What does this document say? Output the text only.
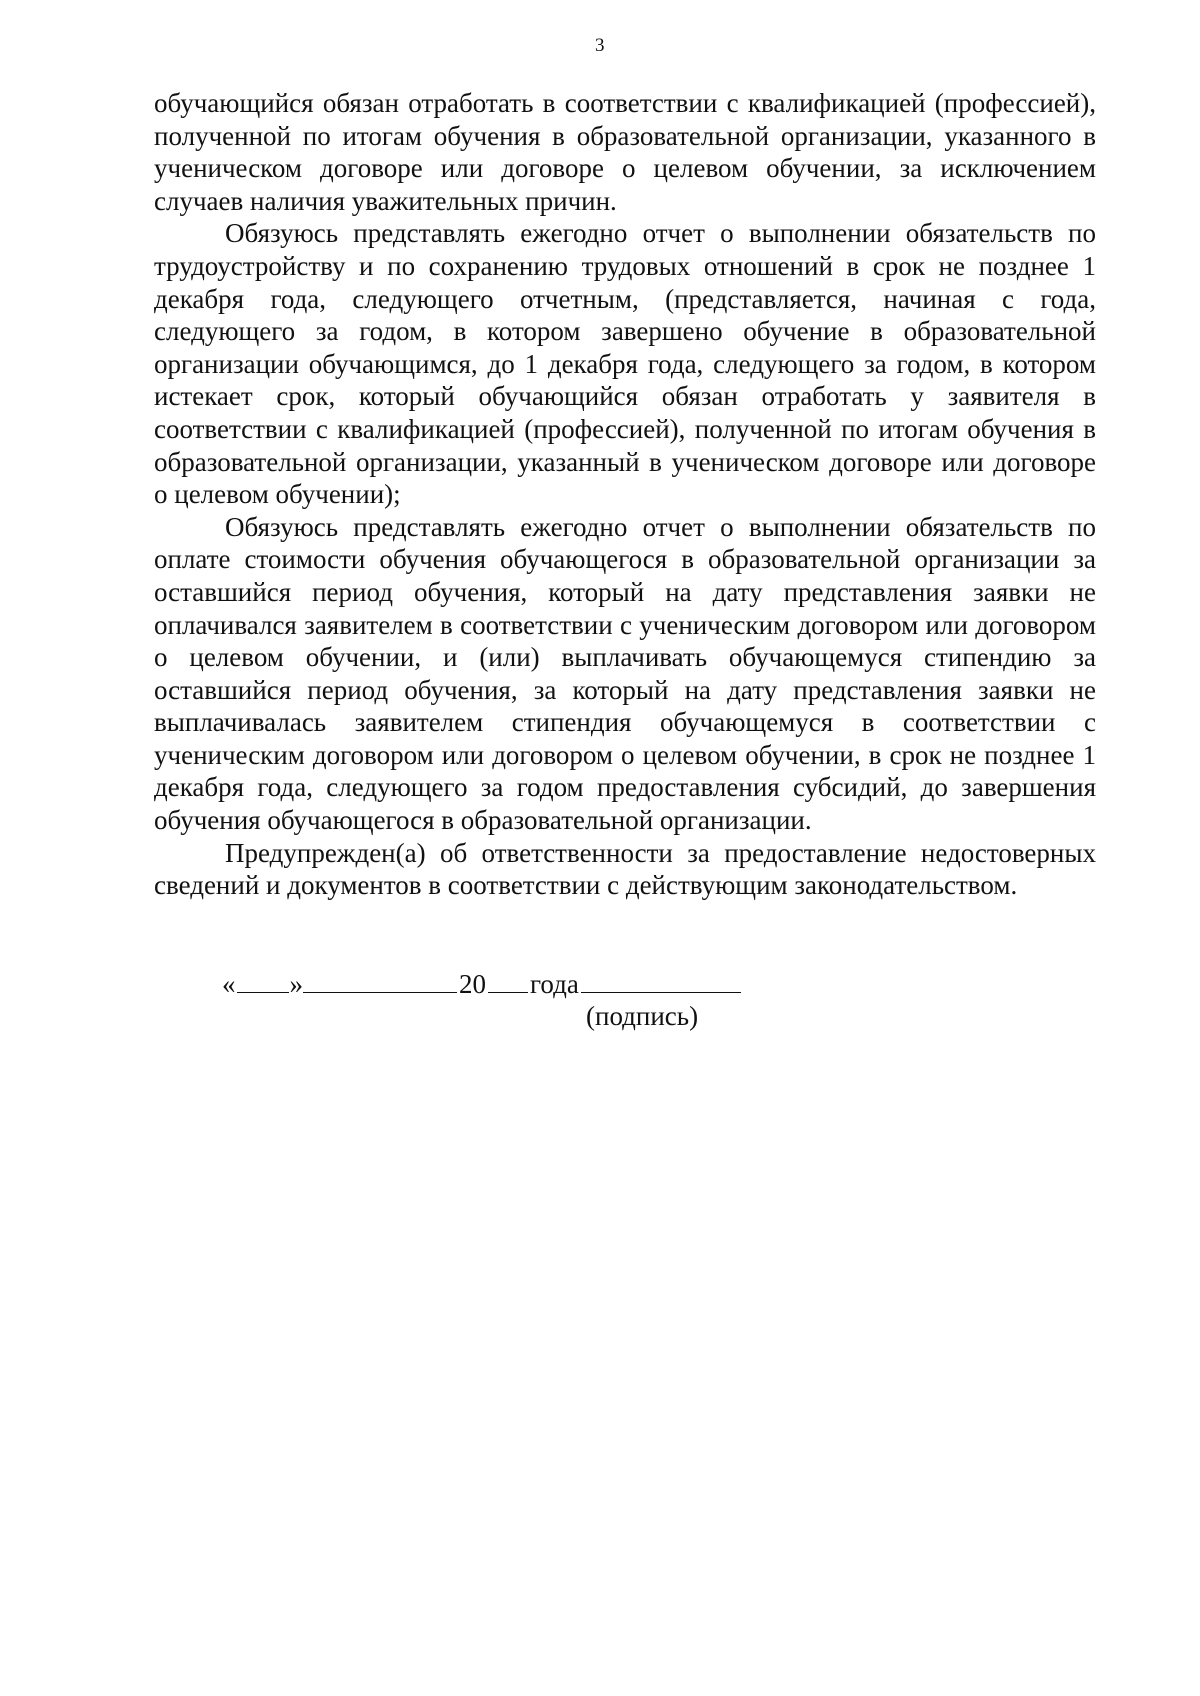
3

обучающийся обязан отработать в соответствии с квалификацией (профессией), полученной по итогам обучения в образовательной организации, указанного в ученическом договоре или договоре о целевом обучении, за исключением случаев наличия уважительных причин.

Обязуюсь представлять ежегодно отчет о выполнении обязательств по трудоустройству и по сохранению трудовых отношений в срок не позднее 1 декабря года, следующего отчетным, (представляется, начиная с года, следующего за годом, в котором завершено обучение в образовательной организации обучающимся, до 1 декабря года, следующего за годом, в котором истекает срок, который обучающийся обязан отработать у заявителя в соответствии с квалификацией (профессией), полученной по итогам обучения в образовательной организации, указанный в ученическом договоре или договоре о целевом обучении);

Обязуюсь представлять ежегодно отчет о выполнении обязательств по оплате стоимости обучения обучающегося в образовательной организации за оставшийся период обучения, который на дату представления заявки не оплачивался заявителем в соответствии с ученическим договором или договором о целевом обучении, и (или) выплачивать обучающемуся стипендию за оставшийся период обучения, за который на дату представления заявки не выплачивалась заявителем стипендия обучающемуся в соответствии с ученическим договором или договором о целевом обучении, в срок не позднее 1 декабря года, следующего за годом предоставления субсидий, до завершения обучения обучающегося в образовательной организации.

Предупрежден(а) об ответственности за предоставление недостоверных сведений и документов в соответствии с действующим законодательством.

« »	20 года
(подпись)
